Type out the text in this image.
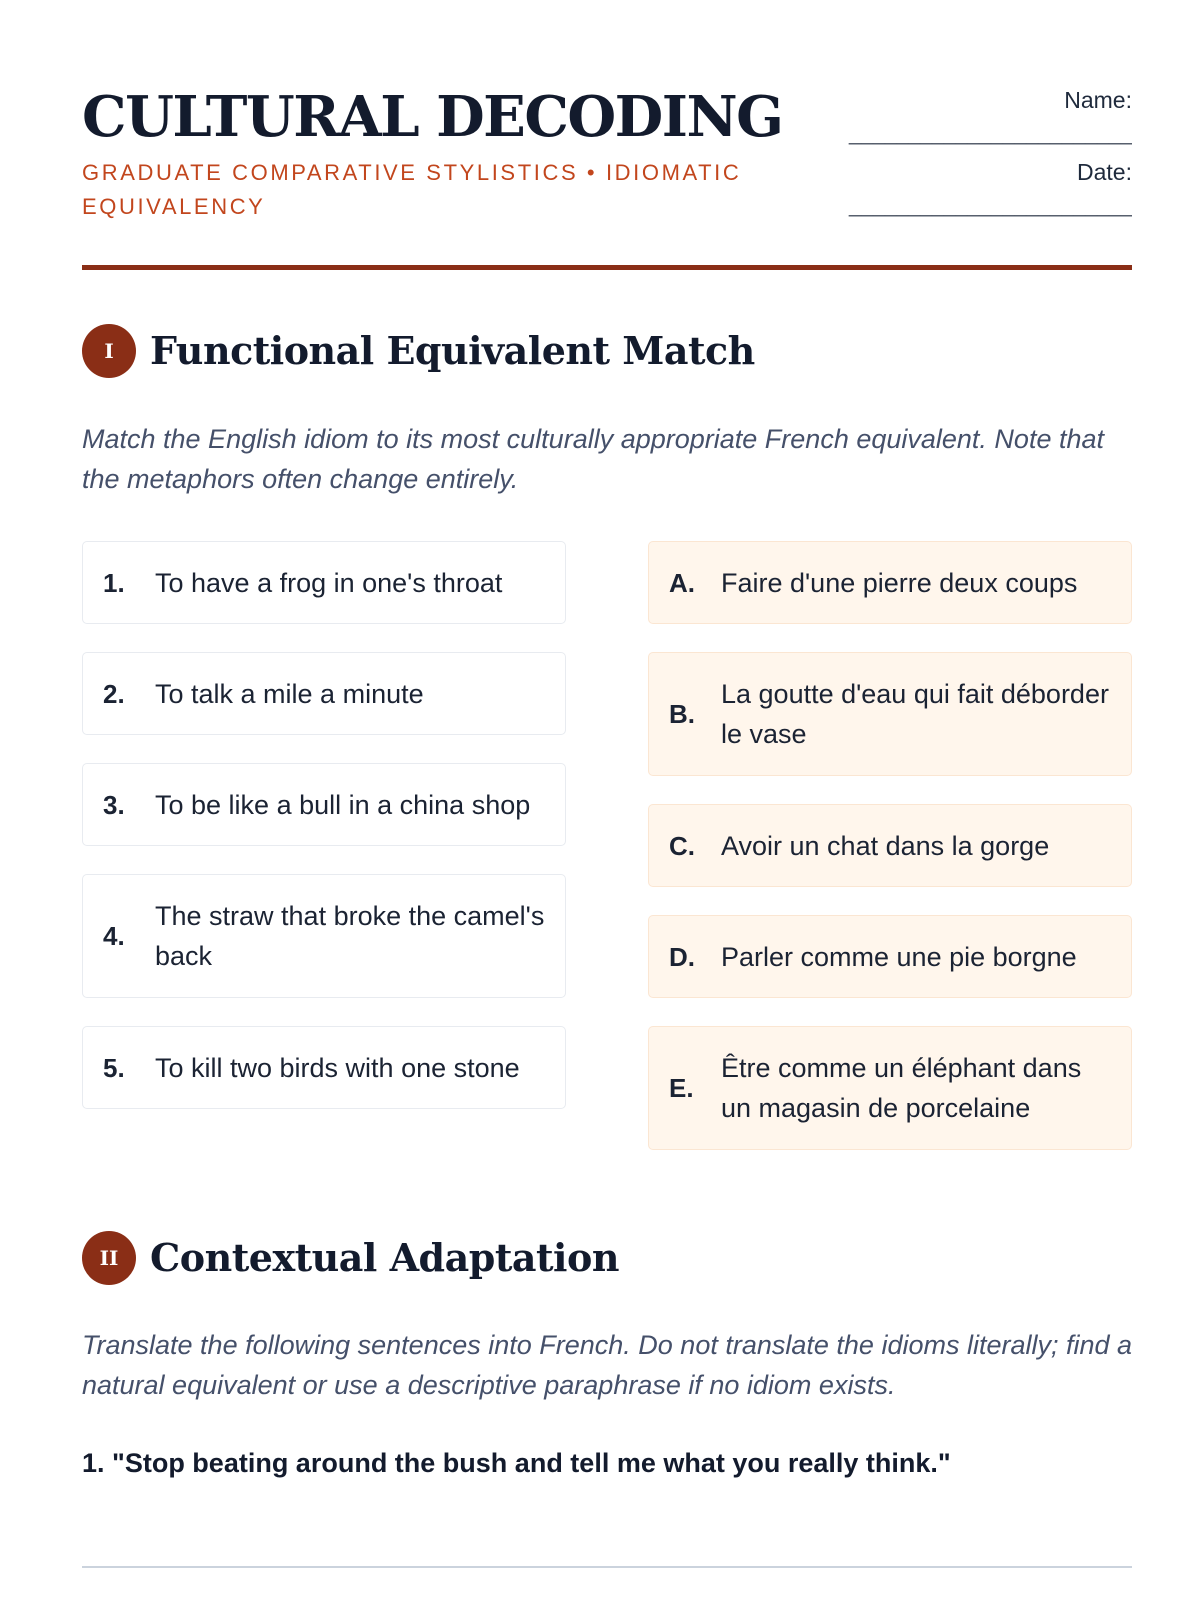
CULTURAL DECODING
GRADUATE COMPARATIVE STYLISTICS • IDIOMATIC EQUIVALENCY
Name:
________________________
Date:
________________________
I Functional Equivalent Match
Match the English idiom to its most culturally appropriate French equivalent. Note that the metaphors often change entirely.
1.	To have a frog in one's throat
2.	To talk a mile a minute
3.	To be like a bull in a china shop
4.
The straw that broke the camel's back
5.	To kill two birds with one stone
A. Faire d'une pierre deux coups
B.
La goutte d'eau qui fait déborder le vase
C. Avoir un chat dans la gorge
D. Parler comme une pie borgne
E.
Être comme un éléphant dans un magasin de porcelaine
II Contextual Adaptation
Translate the following sentences into French. Do not translate the idioms literally; find a natural equivalent or use a descriptive paraphrase if no idiom exists.
1. "Stop beating around the bush and tell me what you really think."
